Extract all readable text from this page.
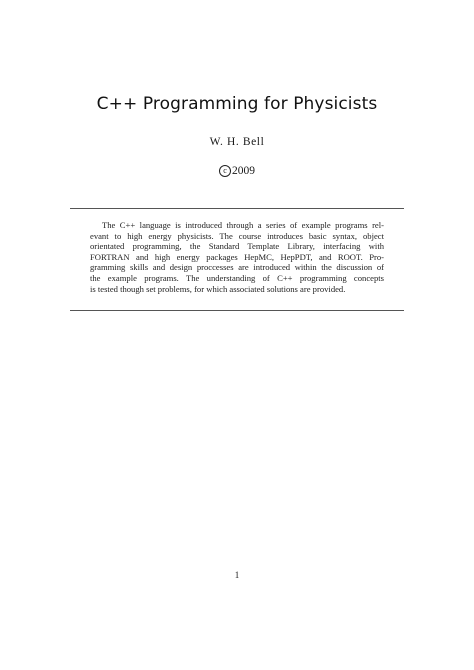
C++ Programming for Physicists
W. H. Bell
c 2009
The C++ language is introduced through a series of example programs rel-
evant to high energy physicists. The course introduces basic syntax, object
orientated programming, the Standard Template Library, interfacing with
FORTRAN and high energy packages HepMC, HepPDT, and ROOT. Pro-
gramming skills and design proccesses are introduced within the discussion of
the example programs. The understanding of C++ programming concepts
is tested though set problems, for which associated solutions are provided.
1
